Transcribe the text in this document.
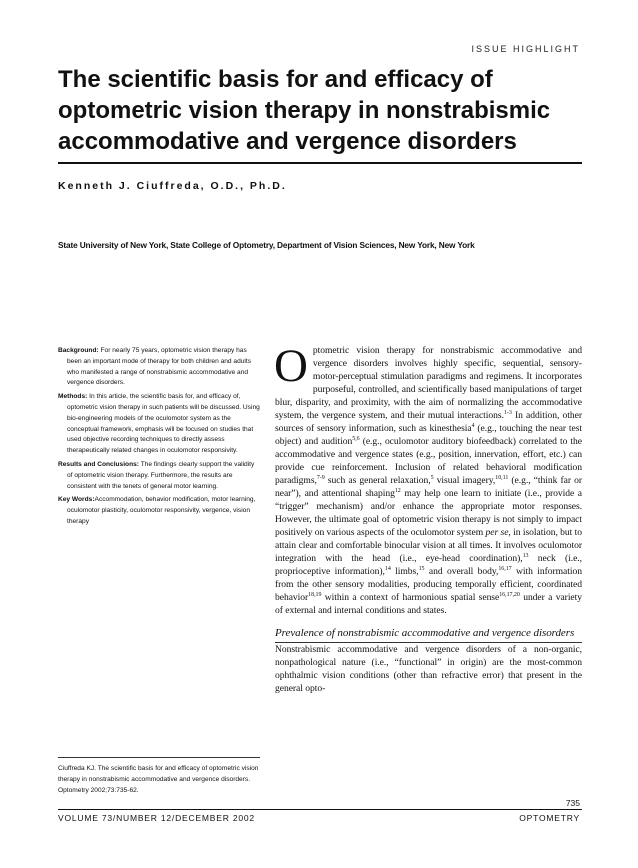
ISSUE HIGHLIGHT
The scientific basis for and efficacy of optometric vision therapy in nonstrabismic accommodative and vergence disorders
Kenneth J. Ciuffreda, O.D., Ph.D.
State University of New York, State College of Optometry, Department of Vision Sciences, New York, New York

Background: For nearly 75 years, optometric vision therapy has been an important mode of therapy for both children and adults who manifested a range of nonstrabismic accommodative and vergence disorders.

Methods: In this article, the scientific basis for, and efficacy of, optometric vision therapy in such patients will be discussed. Using bio-engineering models of the oculomotor system as the conceptual framework, emphasis will be focused on studies that used objective recording techniques to directly assess therapeutically related changes in oculomotor responsivity.

Results and Conclusions: The findings clearly support the validity of optometric vision therapy. Furthermore, the results are consistent with the tenets of general motor learning.

Key Words:Accommodation, behavior modification, motor learning, oculomotor plasticity, oculomotor responsivity, vergence, vision therapy

Ciuffreda KJ. The scientific basis for and efficacy of optometric vision therapy in nonstrabismic accommodative and vergence disorders. Optometry 2002;73:735-62.

Optometric vision therapy for nonstrabismic accommodative and vergence disorders involves highly specific, sequential, sensory-motor-perceptual stimulation paradigms and regimens. It incorporates purposeful, controlled, and scientifically based manipulations of target blur, disparity, and proximity, with the aim of normalizing the accommodative system, the vergence system, and their mutual interactions.$^{1-3}$ In addition, other sources of sensory information, such as kinesthesia$^4$ (e.g., touching the near test object) and audition$^{5,6}$ (e.g., oculomotor auditory biofeedback) correlated to the accommodative and vergence states (e.g., position, innervation, effort, etc.) can provide cue reinforcement. Inclusion of related behavioral modification paradigms,$^{7-9}$ such as general relaxation,$^5$ visual imagery,$^{10,11}$ (e.g., “think far or near”), and attentional shaping$^{12}$ may help one learn to initiate (i.e., provide a “trigger” mechanism) and/or enhance the appropriate motor responses. However, the ultimate goal of optometric vision therapy is not simply to impact positively on various aspects of the oculomotor system per se, in isolation, but to attain clear and comfortable binocular vision at all times. It involves oculomotor integration with the head (i.e., eye-head coordination),$^{13}$ neck (i.e., proprioceptive information),$^{14}$ limbs,$^{15}$ and overall body,$^{16,17}$ with information from the other sensory modalities, producing temporally efficient, coordinated behavior$^{18,19}$ within a context of harmonious spatial sense$^{16,17,20}$ under a variety of external and internal conditions and states.

Prevalence of nonstrabismic accommodative and vergence disorders

Nonstrabismic accommodative and vergence disorders of a non-organic, nonpathological nature (i.e., “functional” in origin) are the most-common ophthalmic vision conditions (other than refractive error) that present in the general opto-

735
VOLUME 73/NUMBER 12/DECEMBER 2002	OPTOMETRY
